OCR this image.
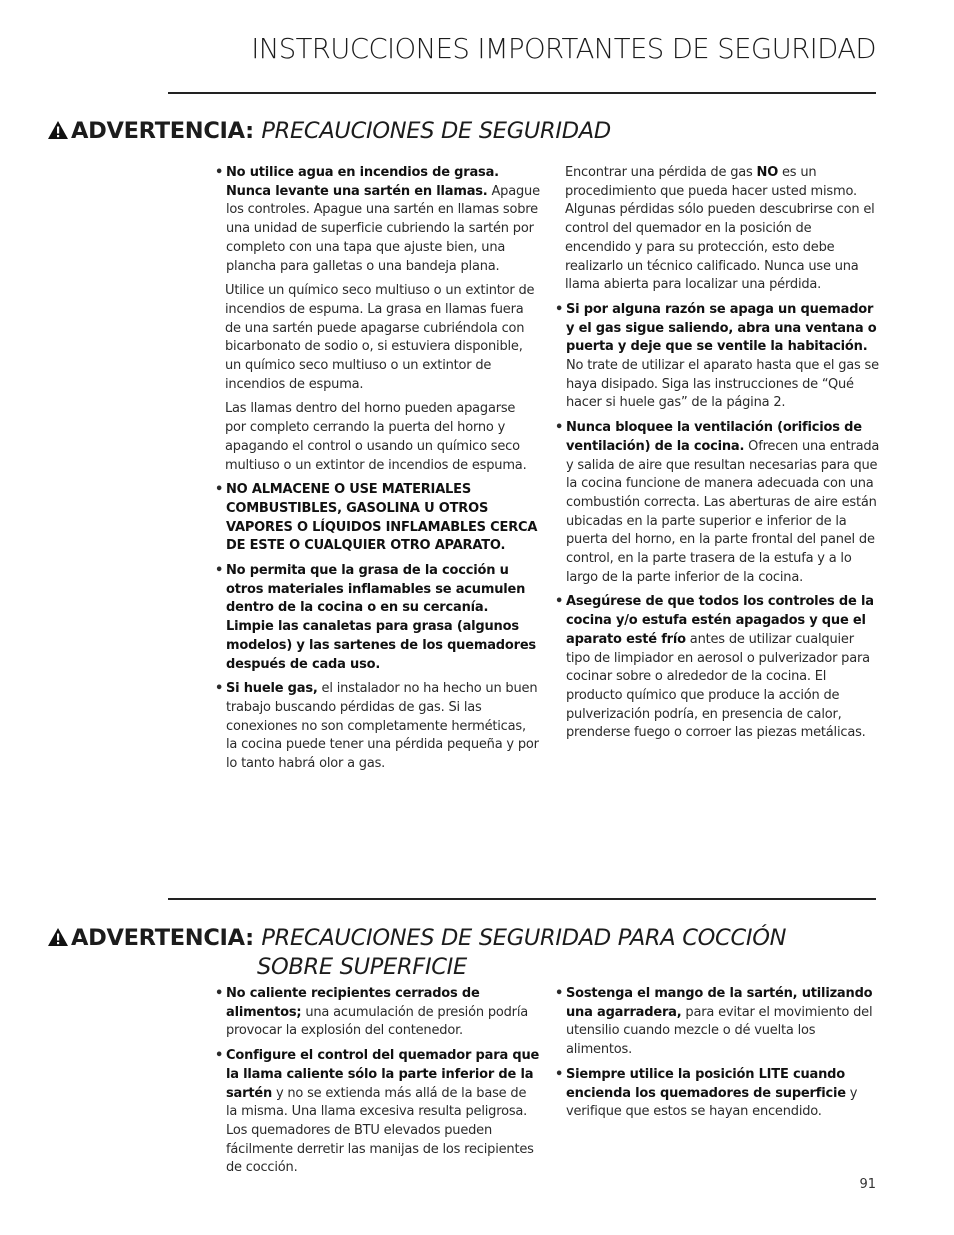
INSTRUCCIONES IMPORTANTES DE SEGURIDAD
ADVERTENCIA: PRECAUCIONES DE SEGURIDAD

• No utilice agua en incendios de grasa. Nunca levante una sartén en llamas. Apague los controles. Apague una sartén en llamas sobre una unidad de superficie cubriendo la sartén por completo con una tapa que ajuste bien, una plancha para galletas o una bandeja plana.

Utilice un químico seco multiuso o un extintor de incendios de espuma. La grasa en llamas fuera de una sartén puede apagarse cubriéndola con bicarbonato de sodio o, si estuviera disponible, un químico seco multiuso o un extintor de incendios de espuma.

Las llamas dentro del horno pueden apagarse por completo cerrando la puerta del horno y apagando el control o usando un químico seco multiuso o un extintor de incendios de espuma.

• NO ALMACENE O USE MATERIALES COMBUSTIBLES, GASOLINA U OTROS VAPORES O LÍQUIDOS INFLAMABLES CERCA DE ESTE O CUALQUIER OTRO APARATO.

• No permita que la grasa de la cocción u otros materiales inflamables se acumulen dentro de la cocina o en su cercanía. Limpie las canaletas para grasa (algunos modelos) y las sartenes de los quemadores después de cada uso.

• Si huele gas, el instalador no ha hecho un buen trabajo buscando pérdidas de gas. Si las conexiones no son completamente herméticas, la cocina puede tener una pérdida pequeña y por lo tanto habrá olor a gas.

Encontrar una pérdida de gas NO es un procedimiento que pueda hacer usted mismo. Algunas pérdidas sólo pueden descubrirse con el control del quemador en la posición de encendido y para su protección, esto debe realizarlo un técnico calificado. Nunca use una llama abierta para localizar una pérdida.

• Si por alguna razón se apaga un quemador y el gas sigue saliendo, abra una ventana o puerta y deje que se ventile la habitación. No trate de utilizar el aparato hasta que el gas se haya disipado. Siga las instrucciones de “Qué hacer si huele gas” de la página 2.

• Nunca bloquee la ventilación (orificios de ventilación) de la cocina. Ofrecen una entrada y salida de aire que resultan necesarias para que la cocina funcione de manera adecuada con una combustión correcta. Las aberturas de aire están ubicadas en la parte superior e inferior de la puerta del horno, en la parte frontal del panel de control, en la parte trasera de la estufa y a lo largo de la parte inferior de la cocina.

• Asegúrese de que todos los controles de la cocina y/o estufa estén apagados y que el aparato esté frío antes de utilizar cualquier tipo de limpiador en aerosol o pulverizador para cocinar sobre o alrededor de la cocina. El producto químico que produce la acción de pulverización podría, en presencia de calor, prenderse fuego o corroer las piezas metálicas.

ADVERTENCIA: PRECAUCIONES DE SEGURIDAD PARA COCCIÓN
SOBRE SUPERFICIE

• No caliente recipientes cerrados de alimentos; una acumulación de presión podría provocar la explosión del contenedor.

• Configure el control del quemador para que la llama caliente sólo la parte inferior de la sartén y no se extienda más allá de la base de la misma. Una llama excesiva resulta peligrosa. Los quemadores de BTU elevados pueden fácilmente derretir las manijas de los recipientes de cocción.

• Sostenga el mango de la sartén, utilizando una agarradera, para evitar el movimiento del utensilio cuando mezcle o dé vuelta los alimentos.

• Siempre utilice la posición LITE cuando encienda los quemadores de superficie y verifique que estos se hayan encendido.

91
